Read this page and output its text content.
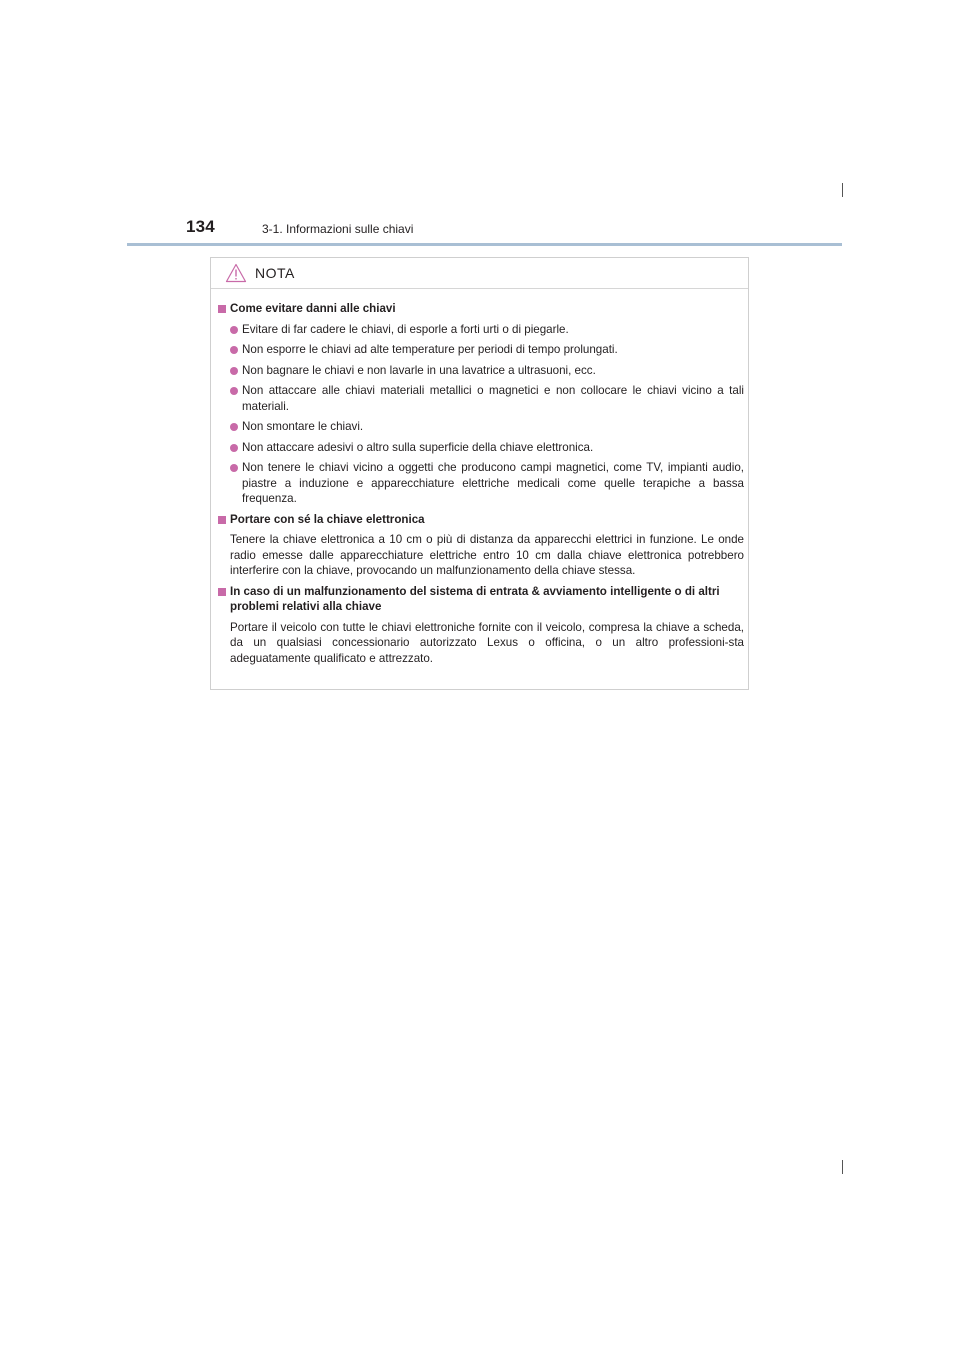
134	3-1. Informazioni sulle chiavi
NOTA
Come evitare danni alle chiavi
Evitare di far cadere le chiavi, di esporle a forti urti o di piegarle.
Non esporre le chiavi ad alte temperature per periodi di tempo prolungati.
Non bagnare le chiavi e non lavarle in una lavatrice a ultrasuoni, ecc.
Non attaccare alle chiavi materiali metallici o magnetici e non collocare le chiavi vicino a tali materiali.
Non smontare le chiavi.
Non attaccare adesivi o altro sulla superficie della chiave elettronica.
Non tenere le chiavi vicino a oggetti che producono campi magnetici, come TV, impianti audio, piastre a induzione e apparecchiature elettriche medicali come quelle terapiche a bassa frequenza.
Portare con sé la chiave elettronica
Tenere la chiave elettronica a 10 cm o più di distanza da apparecchi elettrici in funzione. Le onde radio emesse dalle apparecchiature elettriche entro 10 cm dalla chiave elettronica potrebbero interferire con la chiave, provocando un malfunzionamento della chiave stessa.
In caso di un malfunzionamento del sistema di entrata & avviamento intelligente o di altri problemi relativi alla chiave
Portare il veicolo con tutte le chiavi elettroniche fornite con il veicolo, compresa la chiave a scheda, da un qualsiasi concessionario autorizzato Lexus o officina, o un altro professioni-sta adeguatamente qualificato e attrezzato.
